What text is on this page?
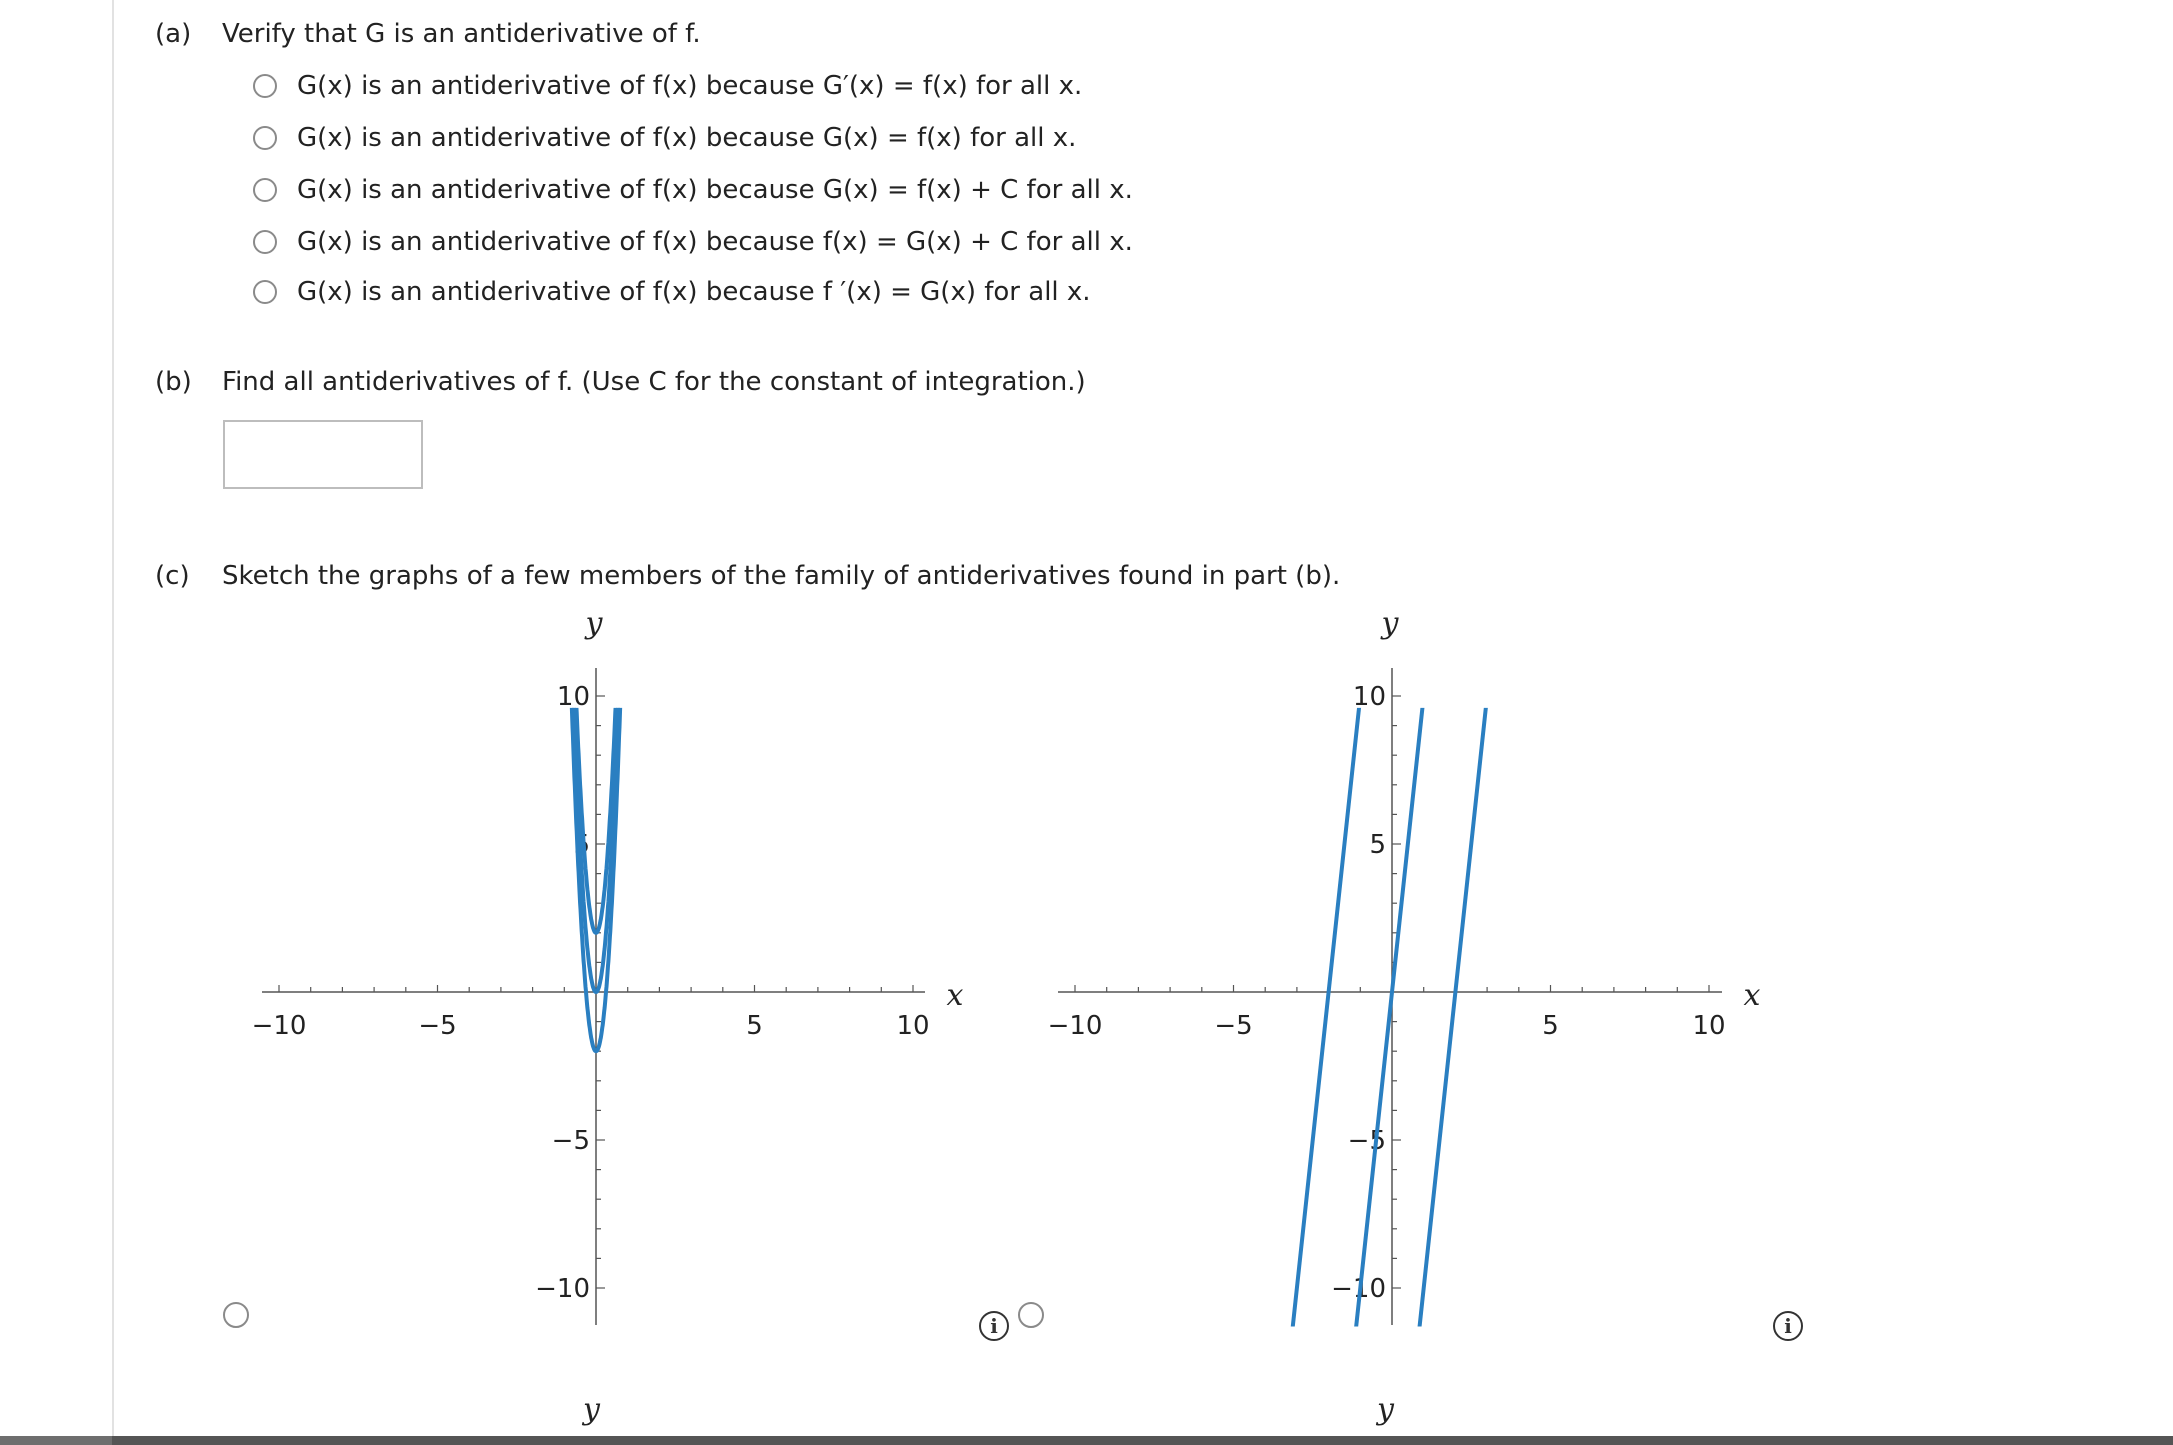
(a) Verify that G is an antiderivative of f.
G(x) is an antiderivative of f(x) because G′(x) = f(x) for all x.
G(x) is an antiderivative of f(x) because G(x) = f(x) for all x.
G(x) is an antiderivative of f(x) because G(x) = f(x) + C for all x.
G(x) is an antiderivative of f(x) because f(x) = G(x) + C for all x.
G(x) is an antiderivative of f(x) because f ′(x) = G(x) for all x.
(b) Find all antiderivatives of f. (Use C for the constant of integration.)
(c) Sketch the graphs of a few members of the family of antiderivatives found in part (b).
−10	−5	5	10
10
5
−5
−10
x
y
−10	−5	5	10
10
5
−5
−10
x
y
i	i
y	y
